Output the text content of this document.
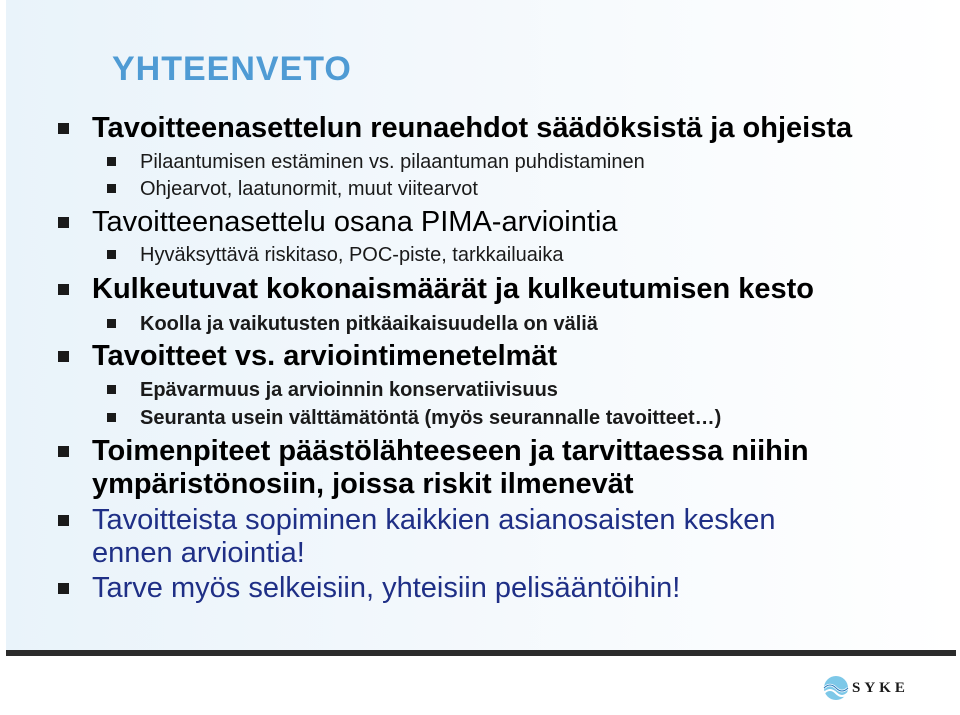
YHTEENVETO
Tavoitteenasettelun reunaehdot säädöksistä ja ohjeista
Pilaantumisen estäminen vs. pilaantuman puhdistaminen
Ohjearvot, laatunormit, muut viitearvot
Tavoitteenasettelu osana PIMA-arviointia
Hyväksyttävä riskitaso, POC-piste, tarkkailuaika
Kulkeutuvat kokonaismäärät ja kulkeutumisen kesto
Koolla ja vaikutusten pitkäaikaisuudella on väliä
Tavoitteet vs. arviointimenetelmät
Epävarmuus ja arvioinnin konservatiivisuus
Seuranta usein välttämätöntä (myös seurannalle tavoitteet…)
Toimenpiteet päästölähteeseen ja tarvittaessa niihin
ympäristönosiin, joissa riskit ilmenevät
Tavoitteista sopiminen kaikkien asianosaisten kesken
ennen arviointia!
Tarve myös selkeisiin, yhteisiin pelisääntöihin!
SYKE
